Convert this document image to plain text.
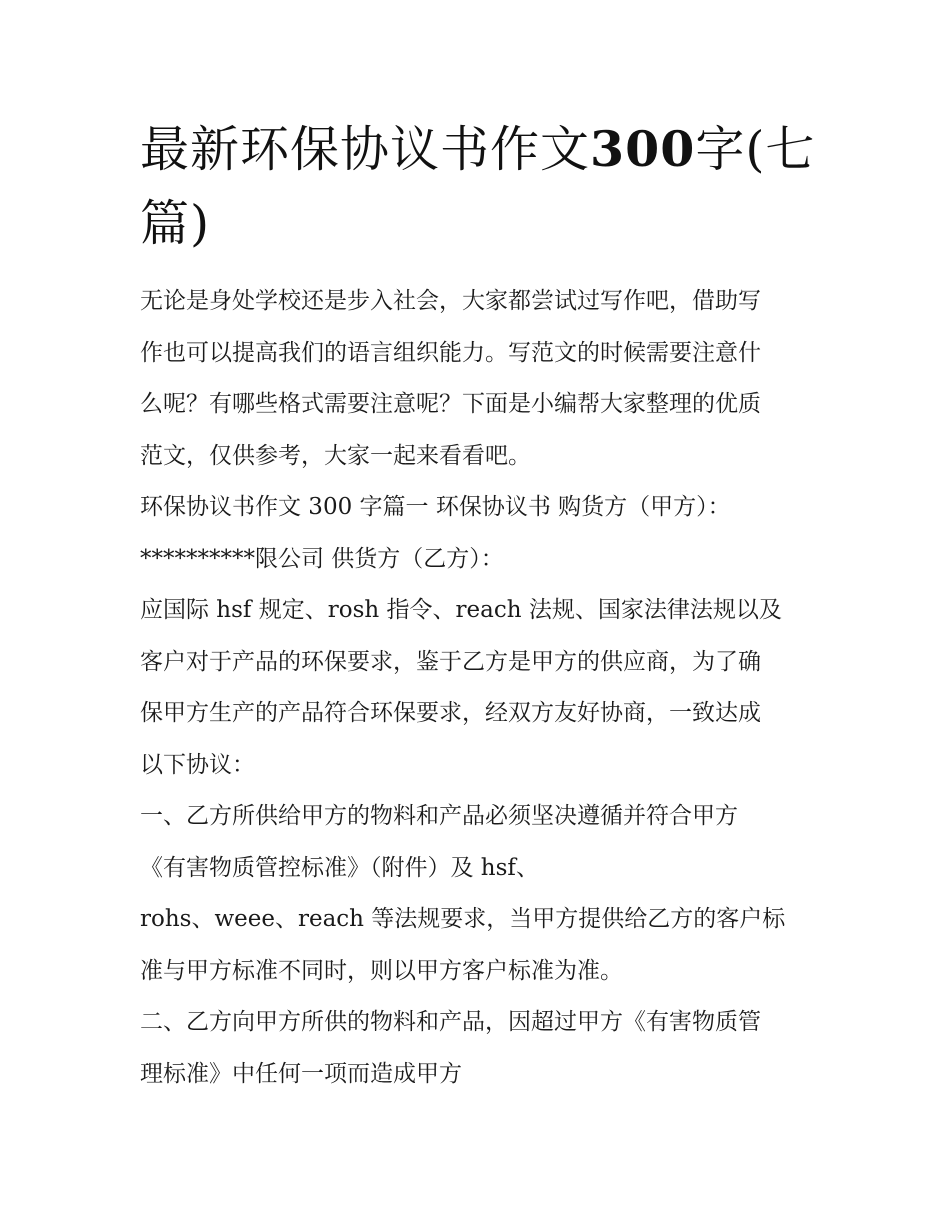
最新环保协议书作文300字(七
篇)

无论是身处学校还是步入社会，大家都尝试过写作吧，借助写
作也可以提高我们的语言组织能力。写范文的时候需要注意什
么呢？有哪些格式需要注意呢？下面是小编帮大家整理的优质
范文，仅供参考，大家一起来看看吧。

环保协议书作文 300 字篇一 环保协议书 购货方（甲方）：
**********限公司 供货方（乙方）：

应国际 hsf 规定、rosh 指令、reach 法规、国家法律法规以及
客户对于产品的环保要求，鉴于乙方是甲方的供应商，为了确
保甲方生产的产品符合环保要求，经双方友好协商，一致达成
以下协议：

一、乙方所供给甲方的物料和产品必须坚决遵循并符合甲方
《有害物质管控标准》（附件）及 hsf、
rohs、weee、reach 等法规要求，当甲方提供给乙方的客户标
准与甲方标准不同时，则以甲方客户标准为准。

二、乙方向甲方所供的物料和产品，因超过甲方《有害物质管
理标准》中任何一项而造成甲方
